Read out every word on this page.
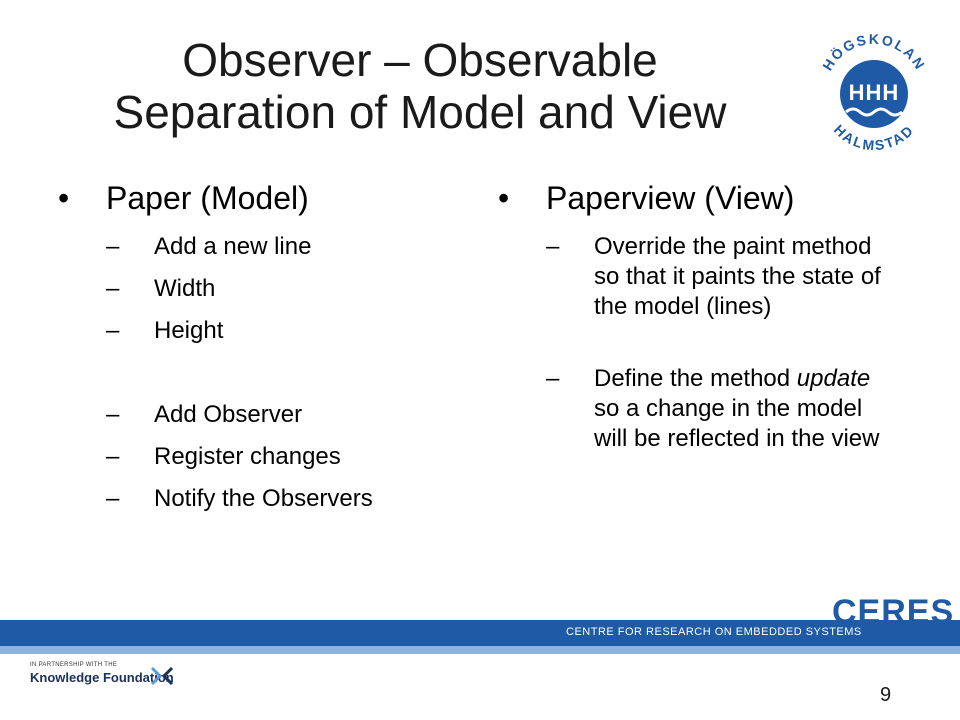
Observer – Observable
Separation of Model and View
HÖGSKOLAN
HALMSTAD
HHH
•	Paper (Model)
–	Add a new line
–	Width
–	Height
–	Add Observer
–	Register changes
–	Notify the Observers
•	Paperview (View)
–	Override the paint method so that it paints the state of the model (lines)
–	Define the method update so a change in the model will be reflected in the view
CERES
CENTRE FOR RESEARCH ON EMBEDDED SYSTEMS
IN PARTNERSHIP WITH THE
Knowledge Foundation
9
